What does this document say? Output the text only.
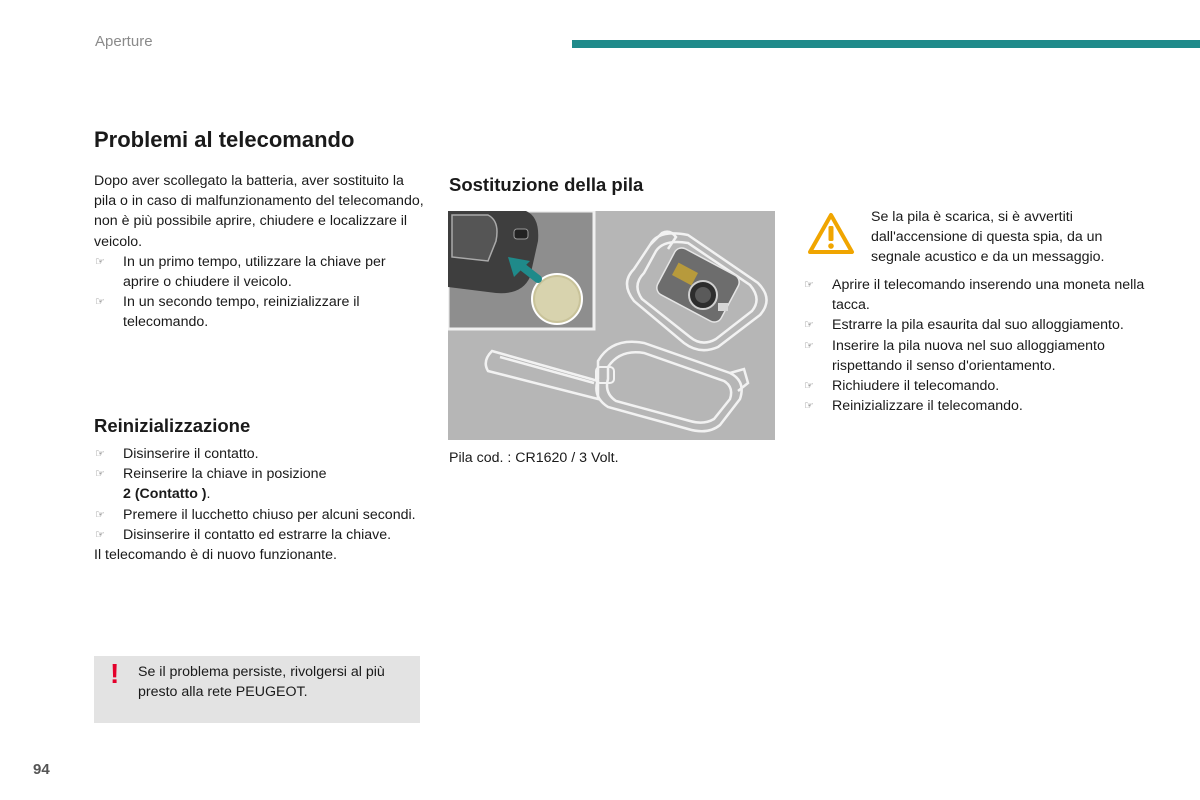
Aperture
Problemi al telecomando

Dopo aver scollegato la batteria, aver sostituito la pila o in caso di malfunzionamento del telecomando, non è più possibile aprire, chiudere e localizzare il veicolo.

☞ In un primo tempo, utilizzare la chiave per aprire o chiudere il veicolo.
☞ In un secondo tempo, reinizializzare il telecomando.
Reinizializzazione
☞ Disinserire il contatto.
☞ Reinserire la chiave in posizione
2 (Contatto ).
☞ Premere il lucchetto chiuso per alcuni secondi.
☞ Disinserire il contatto ed estrarre la chiave.

Il telecomando è di nuovo funzionante.

! Se il problema persiste, rivolgersi al più presto alla rete PEUGEOT.

Sostituzione della pila

Pila cod. : CR1620 / 3 Volt.

Se la pila è scarica, si è avvertiti dall'accensione di questa spia, da un segnale acustico e da un messaggio.

☞ Aprire il telecomando inserendo una moneta nella tacca.
☞ Estrarre la pila esaurita dal suo alloggiamento.
☞ Inserire la pila nuova nel suo alloggiamento rispettando il senso d'orientamento.
☞ Richiudere il telecomando.
☞ Reinizializzare il telecomando.
94
